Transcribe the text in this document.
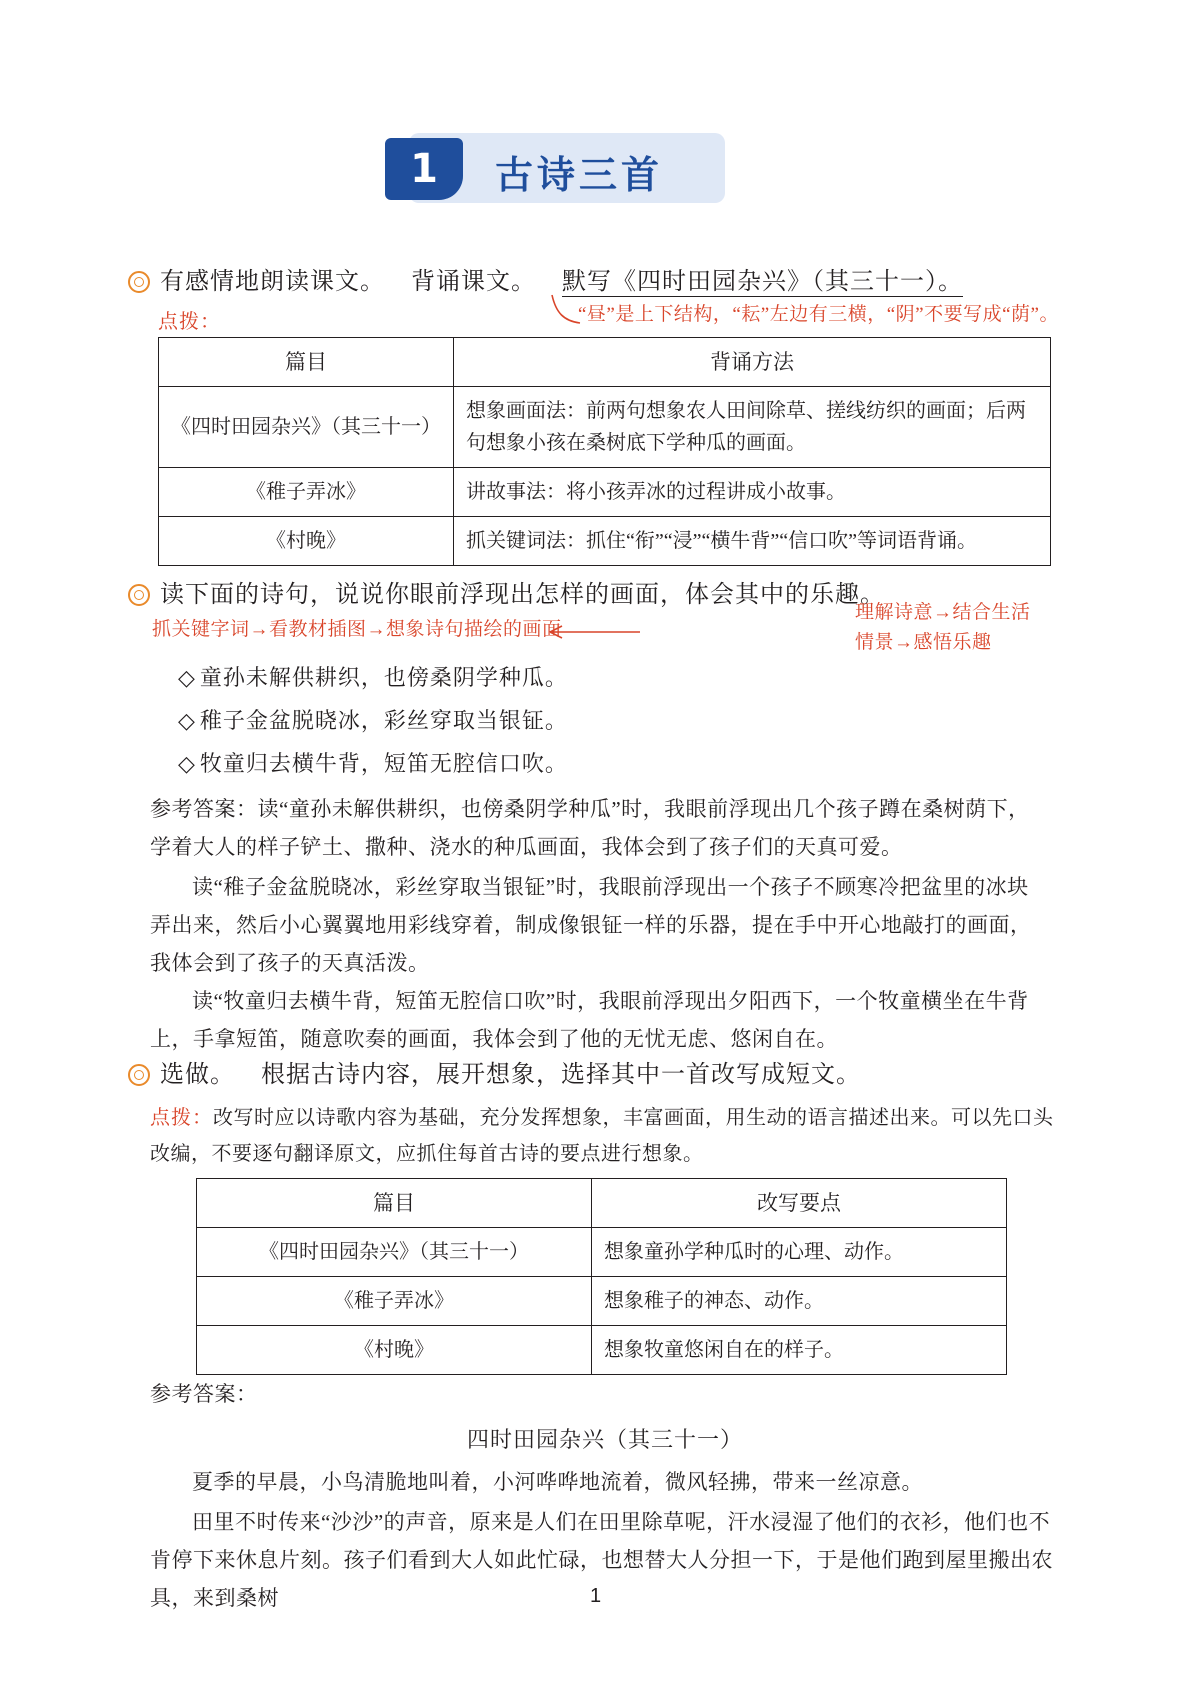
1	古诗三首
有感情地朗读课文。 背诵课文。 默写《四时田园杂兴》（其三十一）。
点拨：	“昼”是上下结构，“耘”左边有三横，“阴”不要写成“荫”。
篇目	背诵方法
《四时田园杂兴》（其三十一）	想象画面法：前两句想象农人田间除草、搓线纺织的画面；后两句想象小孩在桑树底下学种瓜的画面。
《稚子弄冰》	讲故事法：将小孩弄冰的过程讲成小故事。
《村晚》	抓关键词法：抓住“衔”“浸”“横牛背”“信口吹”等词语背诵。
读下面的诗句，说说你眼前浮现出怎样的画面，体会其中的乐趣。
抓关键字词→看教材插图→想象诗句描绘的画面
理解诗意→结合生活
情景→感悟乐趣
◇ 童孙未解供耕织，也傍桑阴学种瓜。
◇ 稚子金盆脱晓冰，彩丝穿取当银钲。
◇ 牧童归去横牛背，短笛无腔信口吹。
参考答案：读“童孙未解供耕织，也傍桑阴学种瓜”时，我眼前浮现出几个孩子蹲在桑树荫下，学着大人的样子铲土、撒种、浇水的种瓜画面，我体会到了孩子们的天真可爱。
读“稚子金盆脱晓冰，彩丝穿取当银钲”时，我眼前浮现出一个孩子不顾寒冷把盆里的冰块弄出来，然后小心翼翼地用彩线穿着，制成像银钲一样的乐器，提在手中开心地敲打的画面，我体会到了孩子的天真活泼。
读“牧童归去横牛背，短笛无腔信口吹”时，我眼前浮现出夕阳西下，一个牧童横坐在牛背上，手拿短笛，随意吹奏的画面，我体会到了他的无忧无虑、悠闲自在。
选做。 根据古诗内容，展开想象，选择其中一首改写成短文。
点拨：改写时应以诗歌内容为基础，充分发挥想象，丰富画面，用生动的语言描述出来。可以先口头改编，不要逐句翻译原文，应抓住每首古诗的要点进行想象。
篇目	改写要点
《四时田园杂兴》（其三十一）	想象童孙学种瓜时的心理、动作。
《稚子弄冰》	想象稚子的神态、动作。
《村晚》	想象牧童悠闲自在的样子。
参考答案：
四时田园杂兴（其三十一）
夏季的早晨，小鸟清脆地叫着，小河哗哗地流着，微风轻拂，带来一丝凉意。
田里不时传来“沙沙”的声音，原来是人们在田里除草呢，汗水浸湿了他们的衣衫，他们也不肯停下来休息片刻。孩子们看到大人如此忙碌，也想替大人分担一下，于是他们跑到屋里搬出农具，来到桑树	1
